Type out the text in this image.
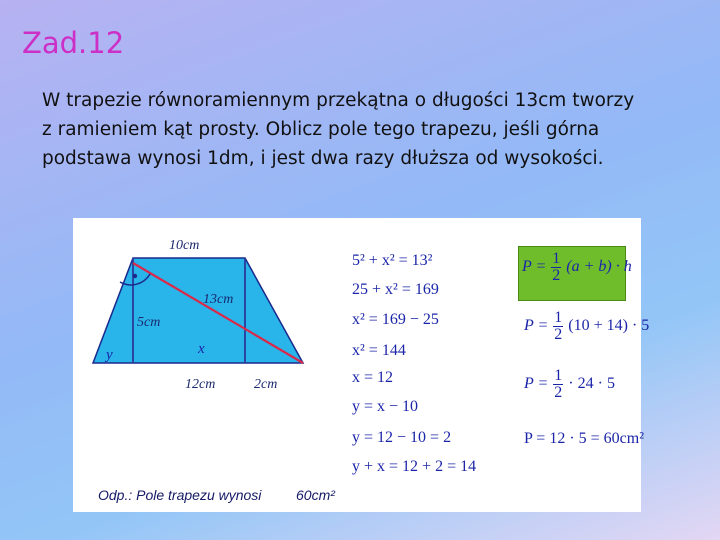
Zad.12
W trapezie równoramiennym przekątna o długości 13cm tworzy
z ramieniem kąt prosty. Oblicz pole tego trapezu, jeśli górna
podstawa wynosi 1dm, i jest dwa razy dłuższa od wysokości.
10cm
13cm
5cm
x
y
12cm	2cm
Odp.: Pole trapezu wynosi 60cm²
5² + x² = 13²
25 + x² = 169
x² = 169 − 25
x² = 144
x = 12
y = x − 10
y = 12 − 10 = 2
y + x = 12 + 2 = 14
$P = \frac{1}{2} (a + b) \cdot h$
$P = \frac{1}{2} (10 + 14) \cdot 5$
$P = \frac{1}{2} \cdot 24 \cdot 5$
P = 12 · 5 = 60cm²
